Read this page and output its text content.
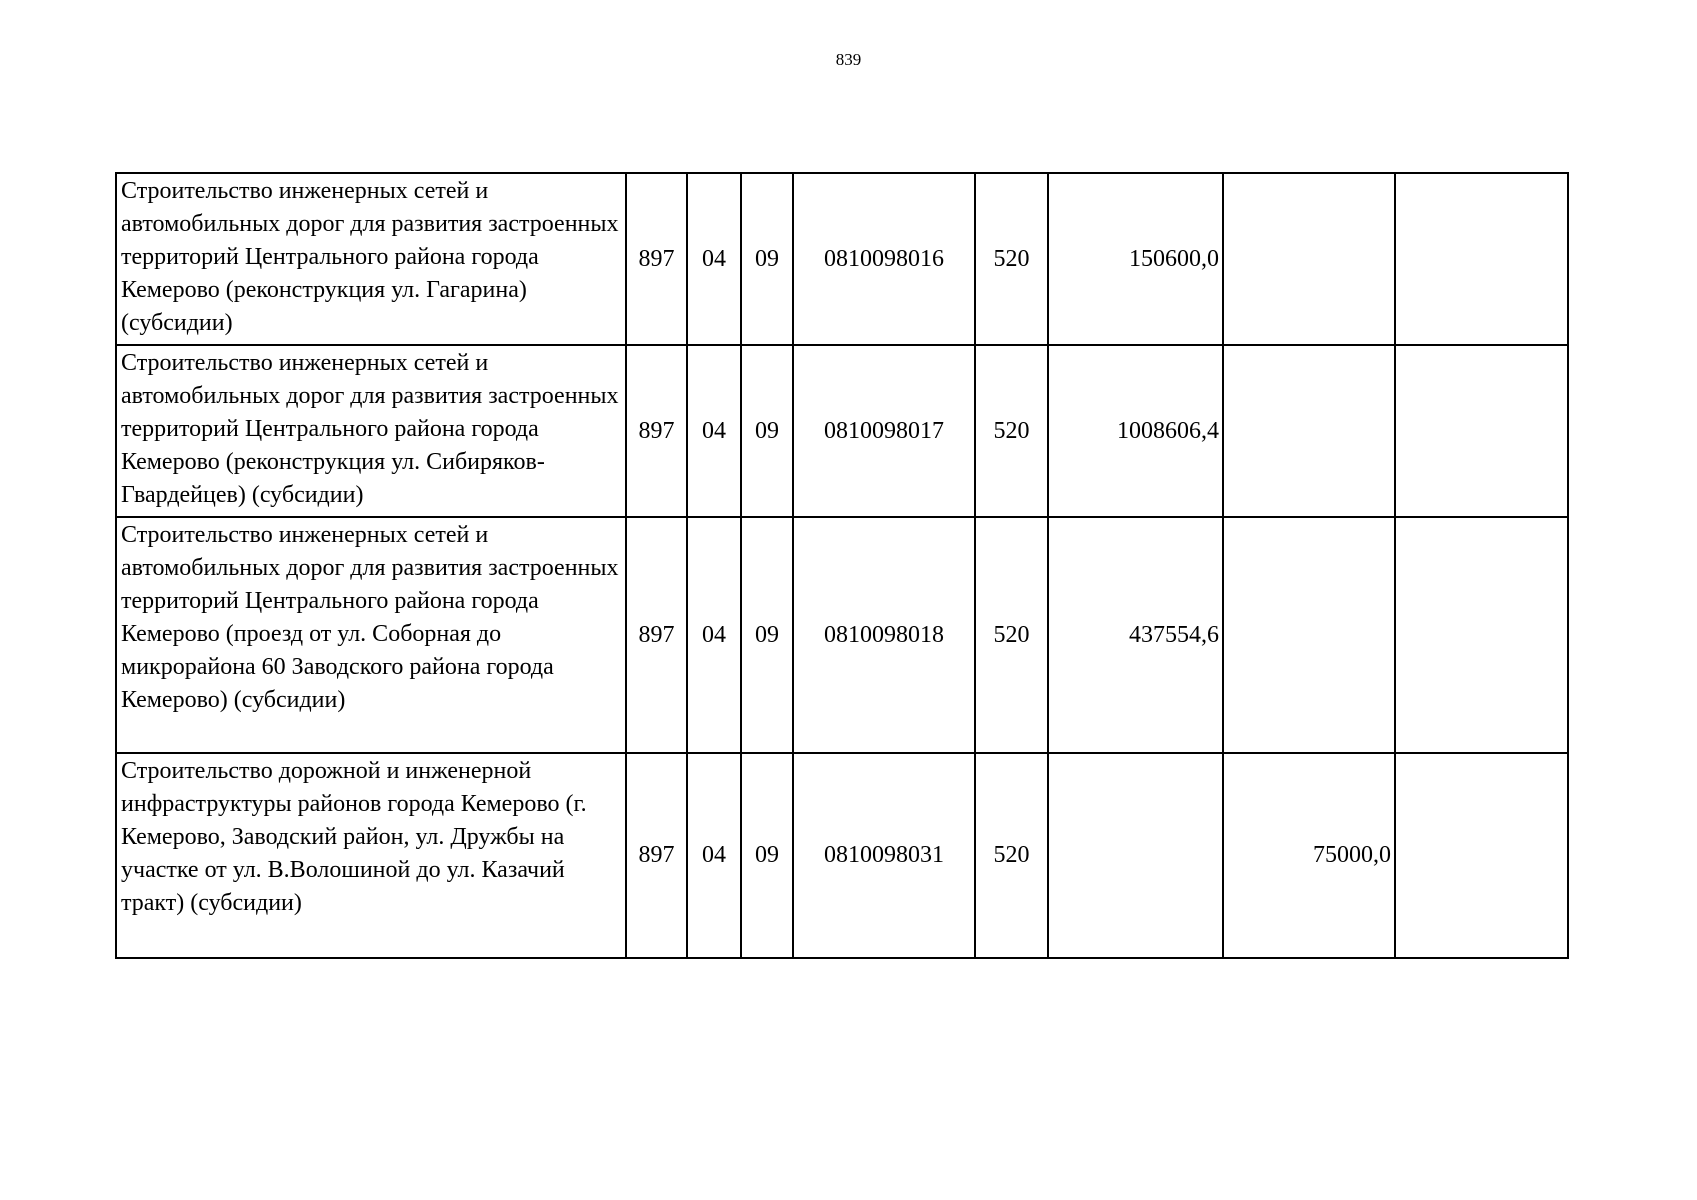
839
Строительство инженерных сетей и автомобильных дорог для развития застроенных территорий Центрального района города Кемерово (реконструкция ул. Гагарина) (субсидии)	897	04	09	0810098016	520	150600,0		
Строительство инженерных сетей и автомобильных дорог для развития застроенных территорий Центрального района города Кемерово (реконструкция ул. Сибиряков-Гвардейцев) (субсидии)	897	04	09	0810098017	520	1008606,4		
Строительство инженерных сетей и автомобильных дорог для развития застроенных территорий Центрального района города Кемерово (проезд от ул. Соборная до микрорайона 60 Заводского района города Кемерово) (субсидии)	897	04	09	0810098018	520	437554,6		
Строительство дорожной и инженерной инфраструктуры районов города Кемерово (г. Кемерово, Заводский район, ул. Дружбы на участке от ул. В.Волошиной до ул. Казачий тракт) (субсидии)	897	04	09	0810098031	520		75000,0	
